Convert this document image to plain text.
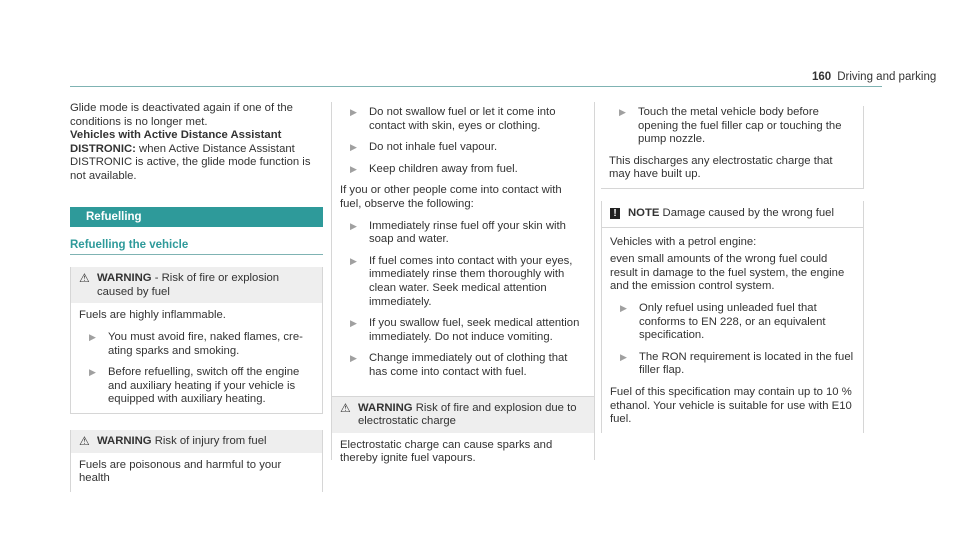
160 Driving and parking

Glide mode is deactivated again if one of the conditions is no longer met.

Vehicles with Active Distance Assistant DISTRONIC: when Active Distance Assistant DISTRONIC is active, the glide mode function is not available.

Refuelling
Refuelling the vehicle
⚠ WARNING - Risk of fire or explosion caused by fuel

Fuels are highly inflammable.

▶	You must avoid fire, naked flames, creating sparks and smoking.
▶	Before refuelling, switch off the engine and auxiliary heating if your vehicle is equipped with auxiliary heating.
⚠ WARNING Risk of injury from fuel

Fuels are poisonous and harmful to your health

▶	Do not swallow fuel or let it come into contact with skin, eyes or clothing.
▶	Do not inhale fuel vapour.
▶	Keep children away from fuel.

If you or other people come into contact with fuel, observe the following:

▶	Immediately rinse fuel off your skin with soap and water.
▶	If fuel comes into contact with your eyes, immediately rinse them thoroughly with clean water. Seek medical attention immediately.
▶	If you swallow fuel, seek medical attention immediately. Do not induce vomiting.
▶	Change immediately out of clothing that has come into contact with fuel.
⚠ WARNING Risk of fire and explosion due to electrostatic charge

Electrostatic charge can cause sparks and thereby ignite fuel vapours.

▶	Touch the metal vehicle body before opening the fuel filler cap or touching the pump nozzle.

This discharges any electrostatic charge that may have built up.

!	NOTE Damage caused by the wrong fuel

Vehicles with a petrol engine:

even small amounts of the wrong fuel could result in damage to the fuel system, the engine and the emission control system.

▶	Only refuel using unleaded fuel that conforms to EN 228, or an equivalent specification.
▶	The RON requirement is located in the fuel filler flap.

Fuel of this specification may contain up to 10 % ethanol. Your vehicle is suitable for use with E10 fuel.
